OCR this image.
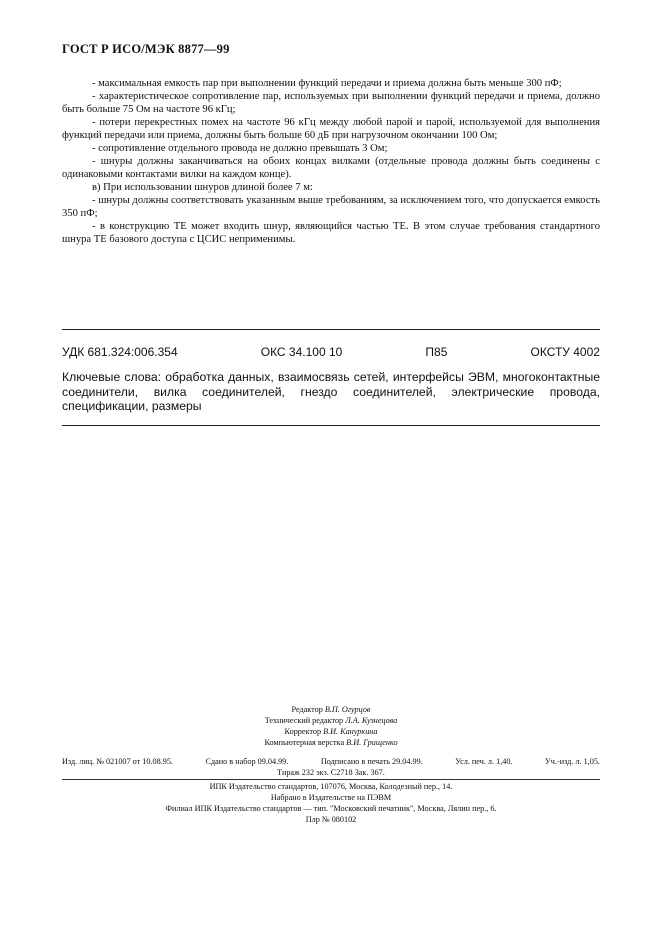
ГОСТ Р ИСО/МЭК 8877—99

- максимальная емкость пар при выполнении функций передачи и приема должна быть меньше 300 пФ;

- характеристическое сопротивление пар, используемых при выполнении функций передачи и приема, должно быть больше 75 Ом на частоте 96 кГц;

- потери перекрестных помех на частоте 96 кГц между любой парой и парой, используемой для выполнения функций передачи или приема, должны быть больше 60 дБ при нагрузочном окончании 100 Ом;

- сопротивление отдельного провода не должно превышать 3 Ом;

- шнуры должны заканчиваться на обоих концах вилками (отдельные провода должны быть соединены с одинаковыми контактами вилки на каждом конце).

в) При использовании шнуров длиной более 7 м:

- шнуры должны соответствовать указанным выше требованиям, за исключением того, что допускается емкость 350 пФ;

- в конструкцию ТЕ может входить шнур, являющийся частью ТЕ. В этом случае требования стандартного шнура ТЕ базового доступа с ЦСИС неприменимы.

УДК 681.324:006.354	ОКС 34.100 10	П85	ОКСТУ 4002
Ключевые слова: обработка данных, взаимосвязь сетей, интерфейсы ЭВМ, многоконтактные соединители, вилка соединителей, гнездо соединителей, электрические провода, спецификации, размеры
Редактор В.П. Огурцов
Технический редактор Л.А. Кузнецова
Корректор В.И. Кануркина
Компьютерная верстка В.И. Грищенко
Изд. лиц. № 021007 от 10.08.95.	Сдано в набор 09.04.99.	Подписано в печать 29.04.99.	Усл. печ. л. 1,40.	Уч.-изд. л. 1,05.
Тираж 232 экз. С2718 Зак. 367.
ИПК Издательство стандартов, 107076, Москва, Колодезный пер., 14.
Набрано в Издательстве на ПЭВМ
Филиал ИПК Издательство стандартов — тип. "Московский печатник", Москва, Лялин пер., 6.
Плр № 080102
